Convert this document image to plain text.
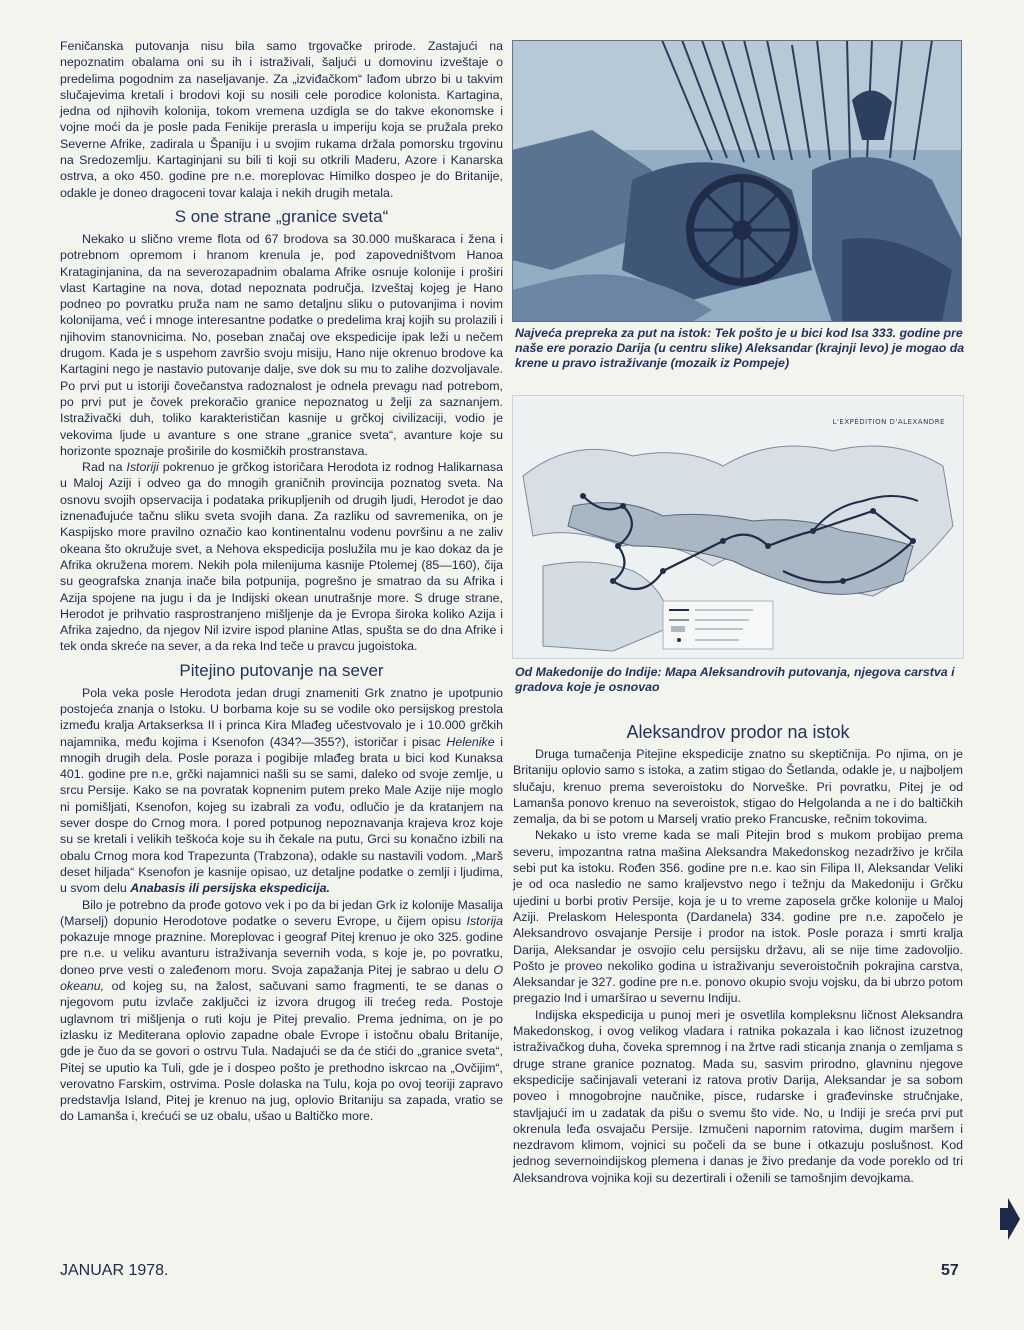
Feničanska putovanja nisu bila samo trgovačke prirode. Zastajući na nepoznatim obalama oni su ih i istraživali, šaljući u domovinu izveštaje o predelima pogodnim za naseljavanje. Za „izviđačkom“ lađom ubrzo bi u takvim slučajevima kretali i brodovi koji su nosili cele porodice kolonista. Kartagina, jedna od njihovih kolonija, tokom vremena uzdigla se do takve ekonomske i vojne moći da je posle pada Fenikije prerasla u imperiju koja se pružala preko Severne Afrike, zadirala u Španiju i u svojim rukama držala pomorsku trgovinu na Sredozemlju. Kartaginjani su bili ti koji su otkrili Maderu, Azore i Kanarska ostrva, a oko 450. godine pre n.e. moreplovac Himilko dospeo je do Britanije, odakle je doneo dragoceni tovar kalaja i nekih drugih metala.

S one strane „granice sveta“

Nekako u slično vreme flota od 67 brodova sa 30.000 muškaraca i žena i potrebnom opremom i hranom krenula je, pod zapovedništvom Hanoa Krataginjanina, da na severozapadnim obalama Afrike osnuje kolonije i proširi vlast Kartagine na nova, dotad nepoznata područja. Izveštaj kojeg je Hano podneo po povratku pruža nam ne samo detaljnu sliku o putovanjima i novim kolonijama, već i mnoge interesantne podatke o predelima kraj kojih su prolazili i njihovim stanovnicima. No, poseban značaj ove ekspedicije ipak leži u nečem drugom. Kada je s uspehom završio svoju misiju, Hano nije okrenuo brodove ka Kartagini nego je nastavio putovanje dalje, sve dok su mu to zalihe dozvoljavale. Po prvi put u istoriji čovečanstva radoznalost je odnela prevagu nad potrebom, po prvi put je čovek prekoračio granice nepoznatog u želji za saznanjem. Istraživački duh, toliko karakterističan kasnije u grčkoj civilizaciji, vodio je vekovima ljude u avanture s one strane „granice sveta“, avanture koje su horizonte spoznaje proširile do kosmičkih prostranstava.

Rad na Istoriji pokrenuo je grčkog istoričara Herodota iz rodnog Halikarnasa u Maloj Aziji i odveo ga do mnogih graničnih provincija poznatog sveta. Na osnovu svojih opservacija i podataka prikupljenih od drugih ljudi, Herodot je dao iznenađujuće tačnu sliku sveta svojih dana. Za razliku od savremenika, on je Kaspijsko more pravilno označio kao kontinentalnu vodenu površinu a ne zaliv okeana što okružuje svet, a Nehova ekspedicija poslužila mu je kao dokaz da je Afrika okružena morem. Nekih pola milenijuma kasnije Ptolemej (85—160), čija su geografska znanja inače bila potpunija, pogrešno je smatrao da su Afrika i Azija spojene na jugu i da je Indijski okean unutrašnje more. S druge strane, Herodot je prihvatio rasprostranjeno mišljenje da je Evropa široka koliko Azija i Afrika zajedno, da njegov Nil izvire ispod planine Atlas, spušta se do dna Afrike i tek onda skreće na sever, a da reka Ind teče u pravcu jugoistoka.

Pitejino putovanje na sever

Pola veka posle Herodota jedan drugi znameniti Grk znatno je upotpunio postojeća znanja o Istoku. U borbama koje su se vodile oko persijskog prestola između kralja Artakserksa II i princa Kira Mlađeg učestvovalo je i 10.000 grčkih najamnika, među kojima i Ksenofon (434?—355?), istoričar i pisac Helenike i mnogih drugih dela. Posle poraza i pogibije mlađeg brata u bici kod Kunaksa 401. godine pre n.e, grčki najamnici našli su se sami, daleko od svoje zemlje, u srcu Persije. Kako se na povratak kopnenim putem preko Male Azije nije moglo ni pomišljati, Ksenofon, kojeg su izabrali za vođu, odlučio je da kratanjem na sever dospe do Crnog mora. I pored potpunog nepoznavanja krajeva kroz koje su se kretali i velikih teškoća koje su ih čekale na putu, Grci su konačno izbili na obalu Crnog mora kod Trapezunta (Trabzona), odakle su nastavili vodom. „Marš deset hiljada“ Ksenofon je kasnije opisao, uz detaljne podatke o zemlji i ljudima, u svom delu Anabasis ili persijska ekspedicija.

Bilo je potrebno da prođe gotovo vek i po da bi jedan Grk iz kolonije Masalija (Marselj) dopunio Herodotove podatke o severu Evrope, u čijem opisu Istorija pokazuje mnoge praznine. Moreplovac i geograf Pitej krenuo je oko 325. godine pre n.e. u veliku avanturu istraživanja severnih voda, s koje je, po povratku, doneo prve vesti o zaleđenom moru. Svoja zapažanja Pitej je sabrao u delu O okeanu, od kojeg su, na žalost, sačuvani samo fragmenti, te se danas o njegovom putu izvlače zaključci iz izvora drugog ili trećeg reda. Postoje uglavnom tri mišljenja o ruti koju je Pitej prevalio. Prema jednima, on je po izlasku iz Mediterana oplovio zapadne obale Evrope i istočnu obalu Britanije, gde je čuo da se govori o ostrvu Tula. Nadajući se da će stići do „granice sveta“, Pitej se uputio ka Tuli, gde je i dospeo pošto je prethodno iskrcao na „Ovčijim“, verovatno Farskim, ostrvima. Posle dolaska na Tulu, koja po ovoj teoriji zapravo predstavlja Island, Pitej je krenuo na jug, oplovio Britaniju sa zapada, vratio se do Lamanša i, krećući se uz obalu, ušao u Baltičko more.

Najveća prepreka za put na istok: Tek pošto je u bici kod Isa 333. godine pre naše ere porazio Darija (u centru slike) Aleksandar (krajnji levo) je mogao da krene u pravo istraživanje (mozaik iz Pompeje)
L'EXPÉDITION D'ALEXANDRE
Od Makedonije do Indije: Mapa Aleksandrovih putovanja, njegova carstva i gradova koje je osnovao
Aleksandrov prodor na istok

Druga tumačenja Pitejine ekspedicije znatno su skeptičnija. Po njima, on je Britaniju oplovio samo s istoka, a zatim stigao do Šetlanda, odakle je, u najboljem slučaju, krenuo prema severoistoku do Norveške. Pri povratku, Pitej je od Lamanša ponovo krenuo na severoistok, stigao do Helgolanda a ne i do baltičkih zemalja, da bi se potom u Marselj vratio preko Francuske, rečnim tokovima.

Nekako u isto vreme kada se mali Pitejin brod s mukom probijao prema severu, impozantna ratna mašina Aleksandra Makedonskog nezadrživo je krčila sebi put ka istoku. Rođen 356. godine pre n.e. kao sin Filipa II, Aleksandar Veliki je od oca nasledio ne samo kraljevstvo nego i težnju da Makedoniju i Grčku ujedini u borbi protiv Persije, koja je u to vreme zaposela grčke kolonije u Maloj Aziji. Prelaskom Helesponta (Dardanela) 334. godine pre n.e. započelo je Aleksandrovo osvajanje Persije i prodor na istok. Posle poraza i smrti kralja Darija, Aleksandar je osvojio celu persijsku državu, ali se nije time zadovoljio. Pošto je proveo nekoliko godina u istraživanju severoistočnih pokrajina carstva, Aleksandar je 327. godine pre n.e. ponovo okupio svoju vojsku, da bi ubrzo potom pregazio Ind i umaršírao u severnu Indiju.

Indijska ekspedicija u punoj meri je osvetlila kompleksnu ličnost Aleksandra Makedonskog, i ovog velikog vladara i ratnika pokazala i kao ličnost izuzetnog istraživačkog duha, čoveka spremnog i na žrtve radi sticanja znanja o zemljama s druge strane granice poznatog. Mada su, sasvim prirodno, glavninu njegove ekspedicije sačinjavali veterani iz ratova protiv Darija, Aleksandar je sa sobom poveo i mnogobrojne naučnike, pisce, rudarske i građevinske stručnjake, stavljajući im u zadatak da pišu o svemu što vide. No, u Indiji je sreća prvi put okrenula leđa osvajaču Persije. Izmučeni napornim ratovima, dugim maršem i nezdravom klimom, vojnici su počeli da se bune i otkazuju poslušnost. Kod jednog severnoindijskog plemena i danas je živo predanje da vode poreklo od tri Aleksandrova vojnika koji su dezertirali i oženili se tamošnjim devojkama.

JANUAR 1978.	57
